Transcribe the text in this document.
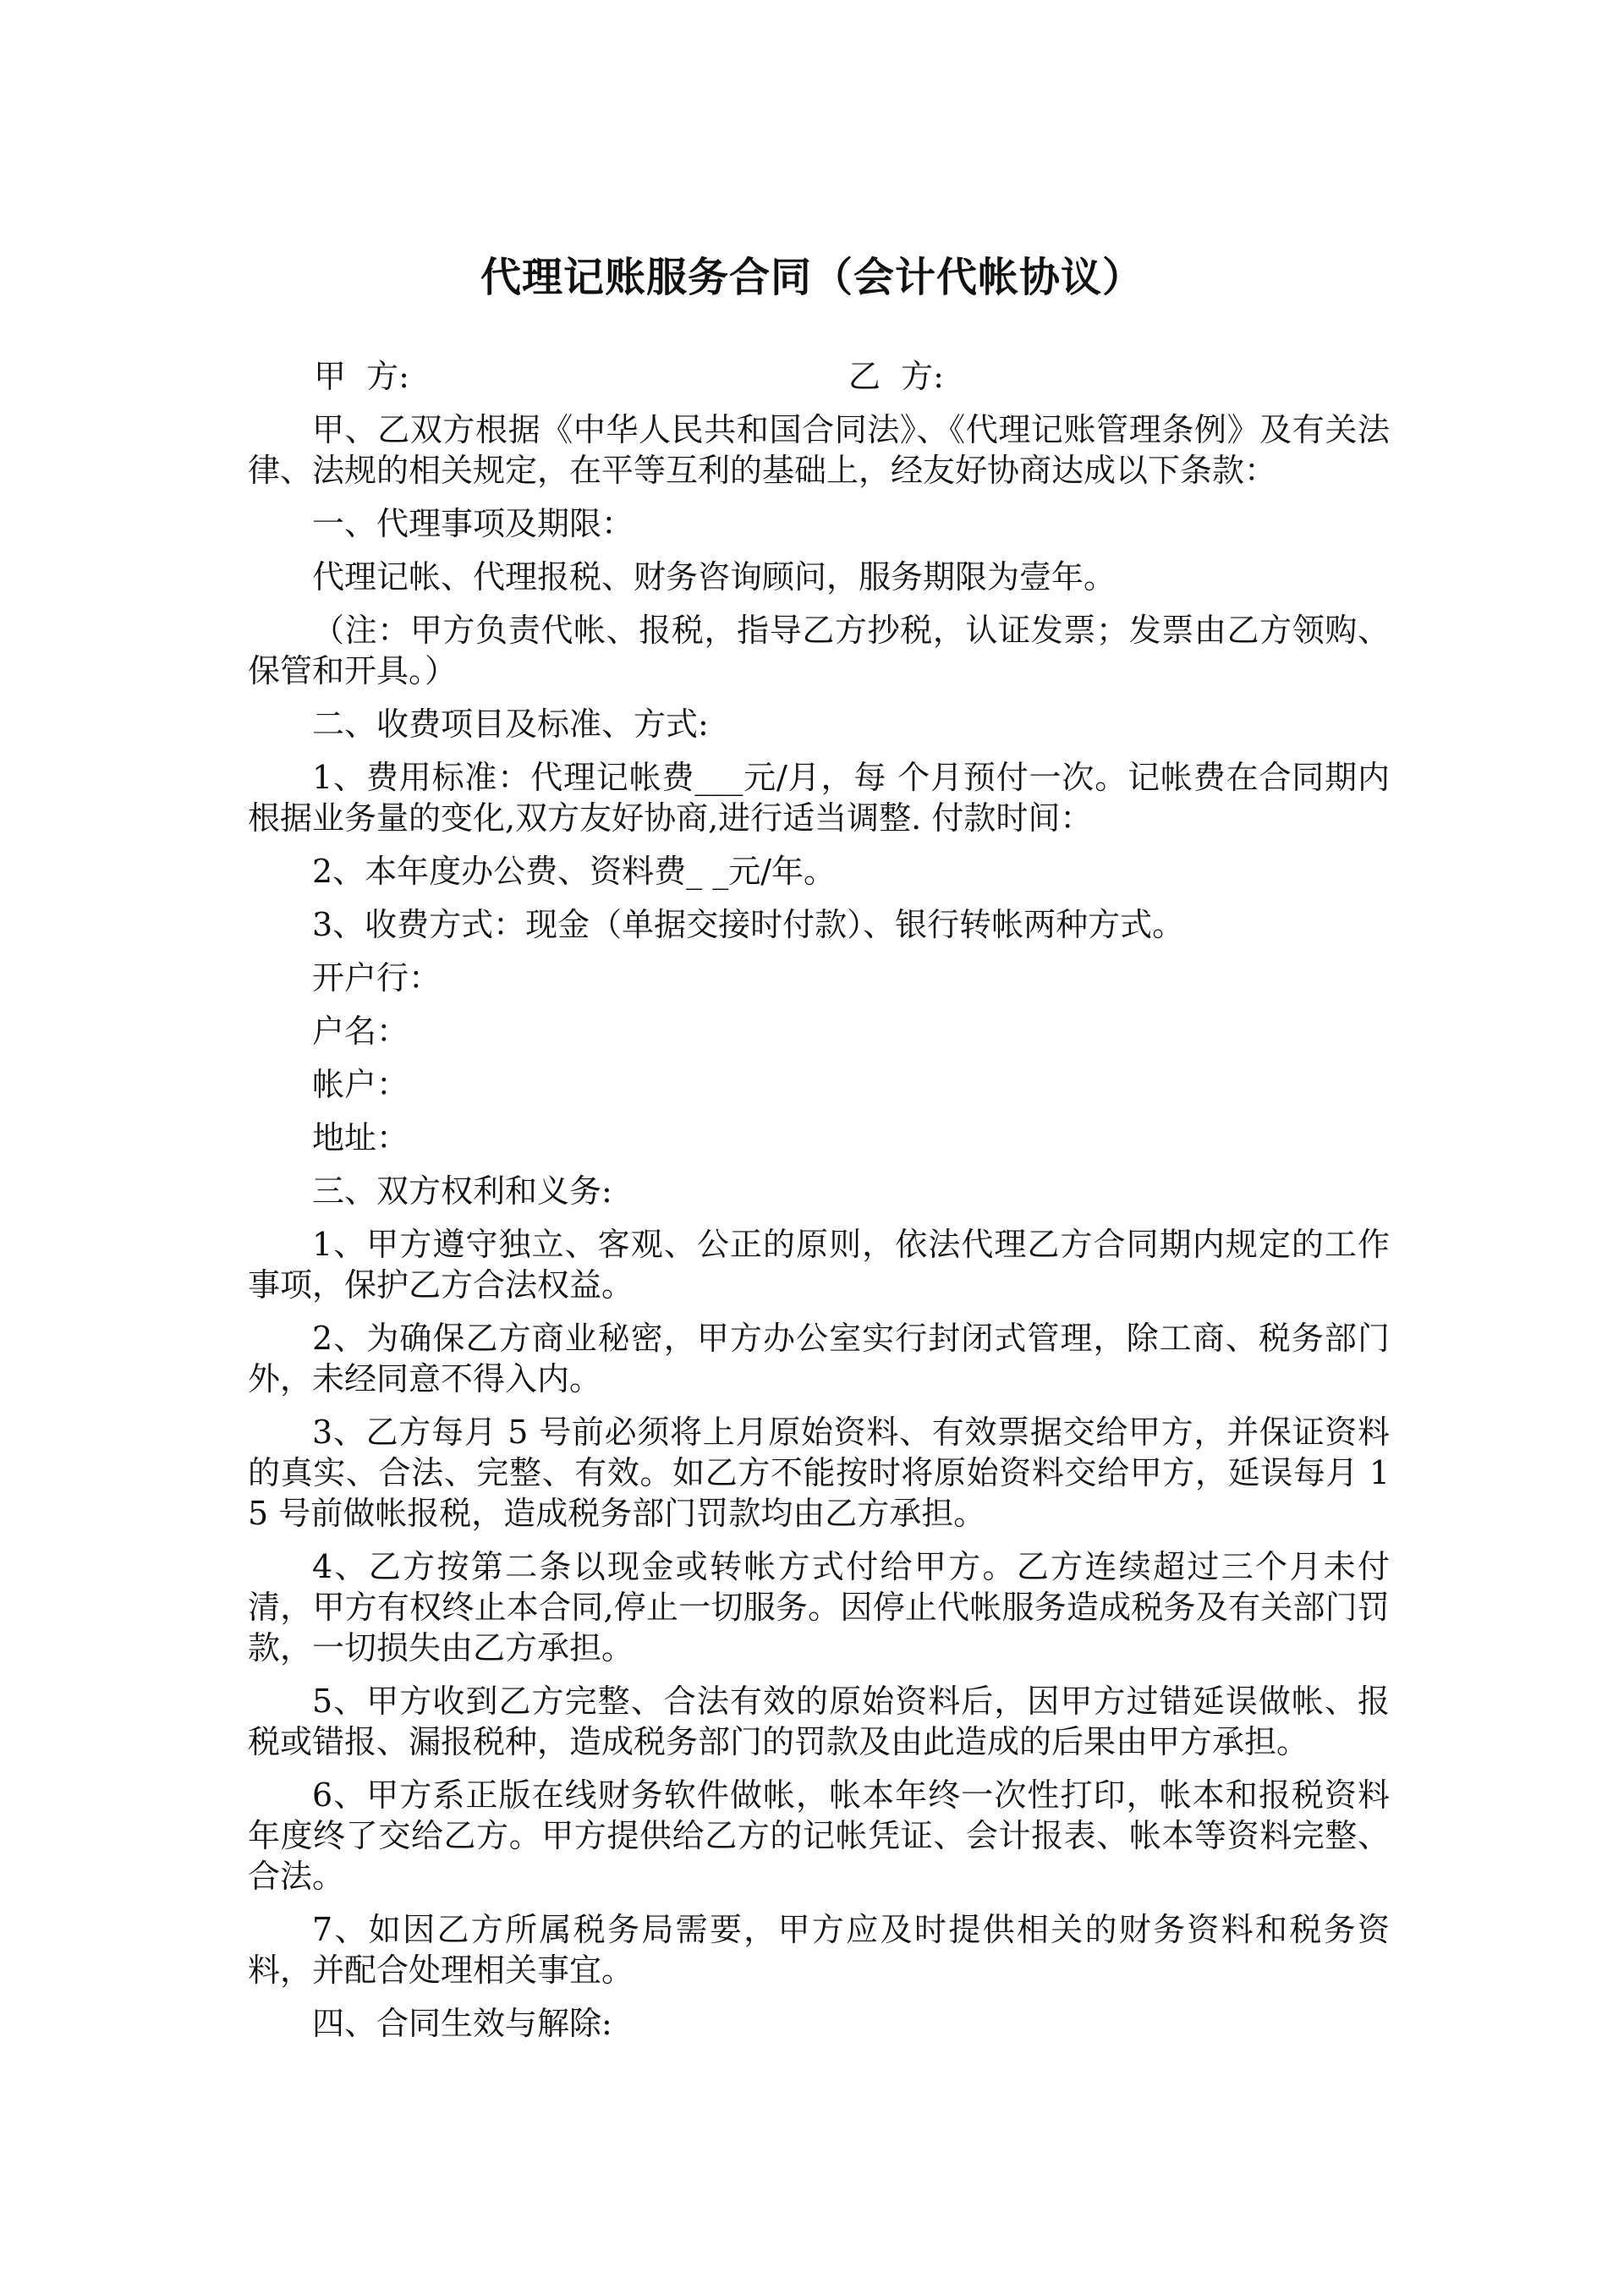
代理记账服务合同（会计代帐协议）
甲  方:	乙  方:

甲、乙双方根据《中华人民共和国合同法》、《代理记账管理条例》及有关法律、法规的相关规定，在平等互利的基础上，经友好协商达成以下条款：

一、代理事项及期限：

代理记帐、代理报税、财务咨询顾问，服务期限为壹年。

（注：甲方负责代帐、报税，指导乙方抄税，认证发票；发票由乙方领购、保管和开具。）

二、收费项目及标准、方式:

1、费用标准：代理记帐费___元/月，每 个月预付一次。记帐费在合同期内根据业务量的变化,双方友好协商,进行适当调整. 付款时间：

2、本年度办公费、资料费_ _元/年。

3、收费方式：现金（单据交接时付款）、银行转帐两种方式。

开户行：

户名：

帐户：

地址：

三、双方权利和义务:

1、甲方遵守独立、客观、公正的原则，依法代理乙方合同期内规定的工作事项，保护乙方合法权益。

2、为确保乙方商业秘密，甲方办公室实行封闭式管理，除工商、税务部门外，未经同意不得入内。

3、乙方每月 5 号前必须将上月原始资料、有效票据交给甲方，并保证资料的真实、合法、完整、有效。如乙方不能按时将原始资料交给甲方，延误每月 15 号前做帐报税，造成税务部门罚款均由乙方承担。

4、乙方按第二条以现金或转帐方式付给甲方。乙方连续超过三个月未付清，甲方有权终止本合同,停止一切服务。因停止代帐服务造成税务及有关部门罚款，一切损失由乙方承担。

5、甲方收到乙方完整、合法有效的原始资料后，因甲方过错延误做帐、报税或错报、漏报税种，造成税务部门的罚款及由此造成的后果由甲方承担。

6、甲方系正版在线财务软件做帐，帐本年终一次性打印，帐本和报税资料年度终了交给乙方。甲方提供给乙方的记帐凭证、会计报表、帐本等资料完整、合法。

7、如因乙方所属税务局需要，甲方应及时提供相关的财务资料和税务资料，并配合处理相关事宜。

四、合同生效与解除:
